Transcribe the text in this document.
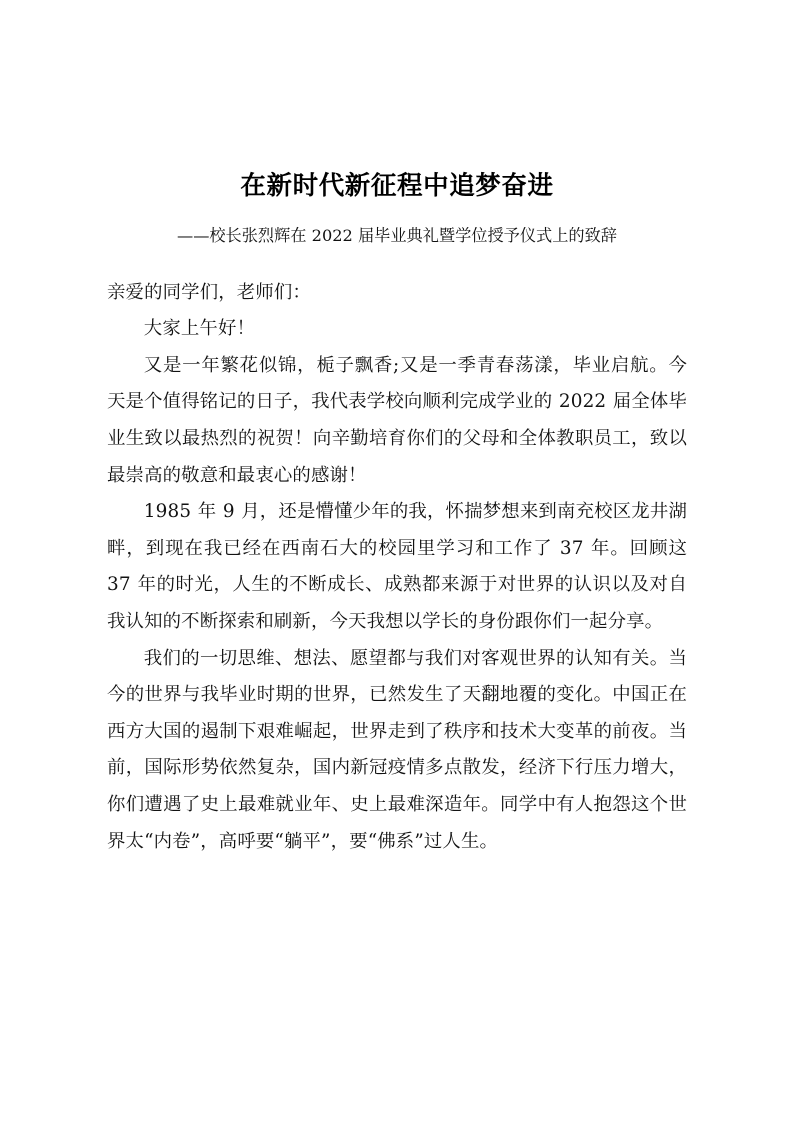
在新时代新征程中追梦奋进

——校长张烈辉在 2022 届毕业典礼暨学位授予仪式上的致辞

亲爱的同学们，老师们：

大家上午好！

又是一年繁花似锦，栀子飘香;又是一季青春荡漾，毕业启航。今天是个值得铭记的日子，我代表学校向顺利完成学业的 2022 届全体毕业生致以最热烈的祝贺！向辛勤培育你们的父母和全体教职员工，致以最崇高的敬意和最衷心的感谢！

1985 年 9 月，还是懵懂少年的我，怀揣梦想来到南充校区龙井湖畔，到现在我已经在西南石大的校园里学习和工作了 37 年。回顾这 37 年的时光，人生的不断成长、成熟都来源于对世界的认识以及对自我认知的不断探索和刷新，今天我想以学长的身份跟你们一起分享。

我们的一切思维、想法、愿望都与我们对客观世界的认知有关。当今的世界与我毕业时期的世界，已然发生了天翻地覆的变化。中国正在西方大国的遏制下艰难崛起，世界走到了秩序和技术大变革的前夜。当前，国际形势依然复杂，国内新冠疫情多点散发，经济下行压力增大，你们遭遇了史上最难就业年、史上最难深造年。同学中有人抱怨这个世界太“内卷”，高呼要“躺平”，要“佛系”过人生。
